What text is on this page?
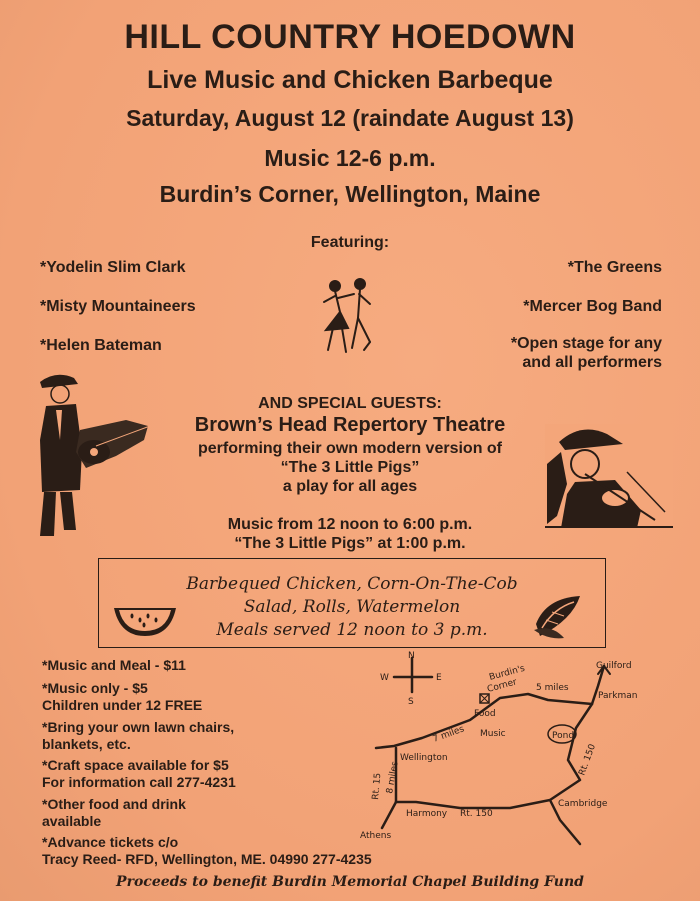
HILL COUNTRY HOEDOWN
Live Music and Chicken Barbeque
Saturday, August 12 (raindate August 13)
Music 12-6 p.m.
Burdin’s Corner, Wellington, Maine
Featuring:
*Yodelin Slim Clark
*Misty Mountaineers
*Helen Bateman
*The Greens
*Mercer Bog Band
*Open stage for any
and all performers
AND SPECIAL GUESTS:
Brown’s Head Repertory Theatre
performing their own modern version of
“The 3 Little Pigs”
a play for all ages
Music from 12 noon to 6:00 p.m.
“The 3 Little Pigs” at 1:00 p.m.
Barbequed Chicken, Corn-On-The-Cob
Salad, Rolls, Watermelon
Meals served 12 noon to 3 p.m.
*Music and Meal - $11
*Music only - $5
Children under 12 FREE
*Bring your own lawn chairs,
blankets, etc.
*Craft space available for $5
For information call 277-4231
*Other food and drink
available
*Advance tickets c/o
Tracy Reed- RFD, Wellington, ME. 04990 277-4235
N
S
E
W
Guilford
Burdin's
Corner
Parkman
5 miles
Food
Music	Pond
7 miles
Wellington	Rt. 150
Rt. 15 8 miles
Harmony Rt. 150
Cambridge
Athens
Proceeds to benefit Burdin Memorial Chapel Building Fund
